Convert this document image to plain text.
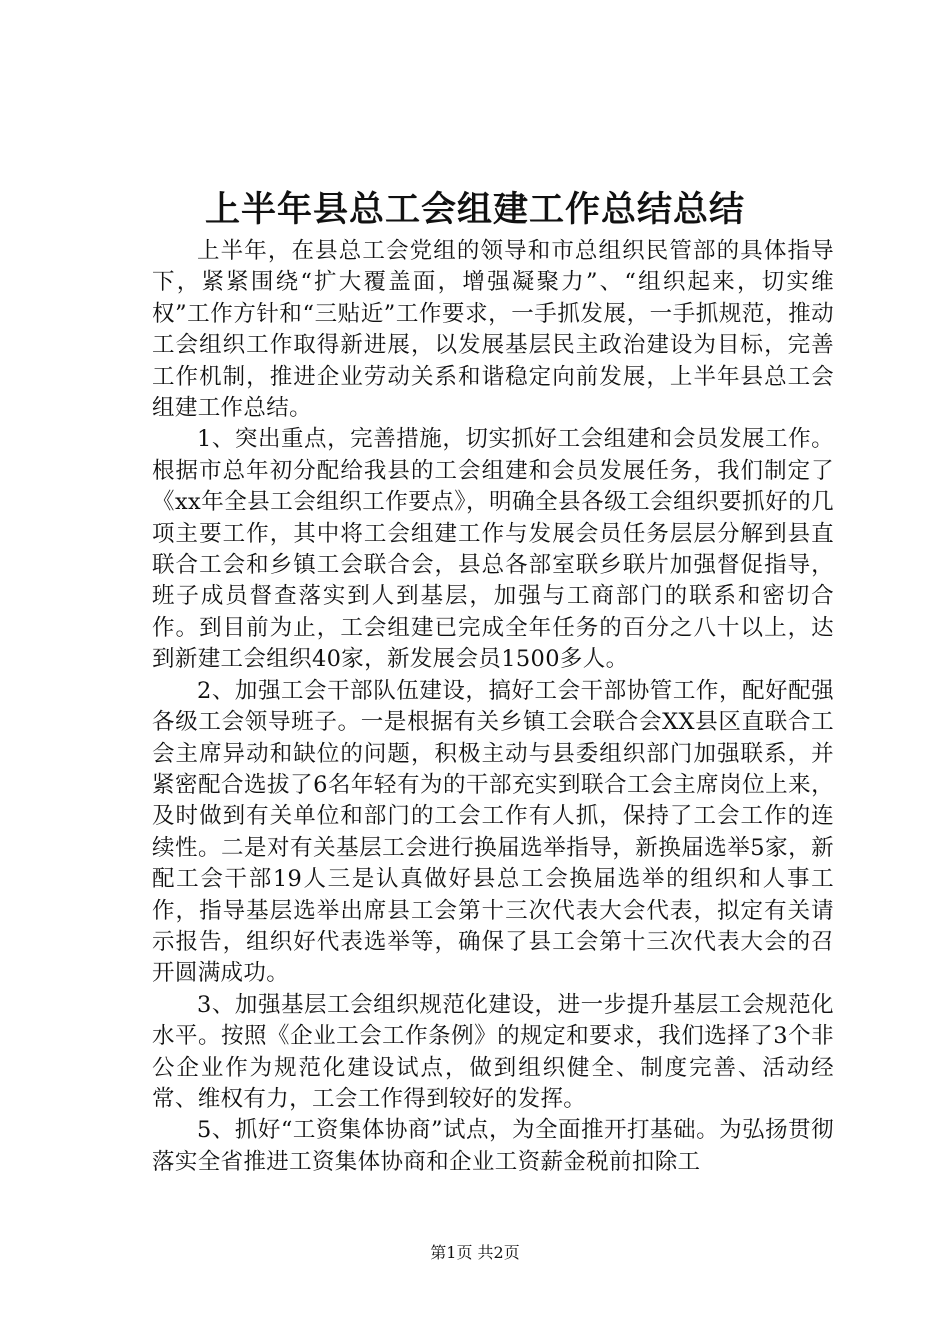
上半年县总工会组建工作总结总结

上半年，在县总工会党组的领导和市总组织民管部的具体指导下，紧紧围绕“扩大覆盖面，增强凝聚力”、“组织起来，切实维权”工作方针和“三贴近”工作要求，一手抓发展，一手抓规范，推动工会组织工作取得新进展，以发展基层民主政治建设为目标，完善工作机制，推进企业劳动关系和谐稳定向前发展，上半年县总工会组建工作总结。

1、突出重点，完善措施，切实抓好工会组建和会员发展工作。根据市总年初分配给我县的工会组建和会员发展任务，我们制定了《xx年全县工会组织工作要点》，明确全县各级工会组织要抓好的几项主要工作，其中将工会组建工作与发展会员任务层层分解到县直联合工会和乡镇工会联合会，县总各部室联乡联片加强督促指导，班子成员督查落实到人到基层，加强与工商部门的联系和密切合作。到目前为止，工会组建已完成全年任务的百分之八十以上，达到新建工会组织40家，新发展会员1500多人。

2、加强工会干部队伍建设，搞好工会干部协管工作，配好配强各级工会领导班子。一是根据有关乡镇工会联合会XX县区直联合工会主席异动和缺位的问题，积极主动与县委组织部门加强联系，并紧密配合选拔了6名年轻有为的干部充实到联合工会主席岗位上来，及时做到有关单位和部门的工会工作有人抓，保持了工会工作的连续性。二是对有关基层工会进行换届选举指导，新换届选举5家，新配工会干部19人三是认真做好县总工会换届选举的组织和人事工作，指导基层选举出席县工会第十三次代表大会代表，拟定有关请示报告，组织好代表选举等，确保了县工会第十三次代表大会的召开圆满成功。

3、加强基层工会组织规范化建设，进一步提升基层工会规范化水平。按照《企业工会工作条例》的规定和要求，我们选择了3个非公企业作为规范化建设试点，做到组织健全、制度完善、活动经常、维权有力，工会工作得到较好的发挥。

5、抓好“工资集体协商”试点，为全面推开打基础。为弘扬贯彻落实全省推进工资集体协商和企业工资薪金税前扣除工

第1页 共2页
